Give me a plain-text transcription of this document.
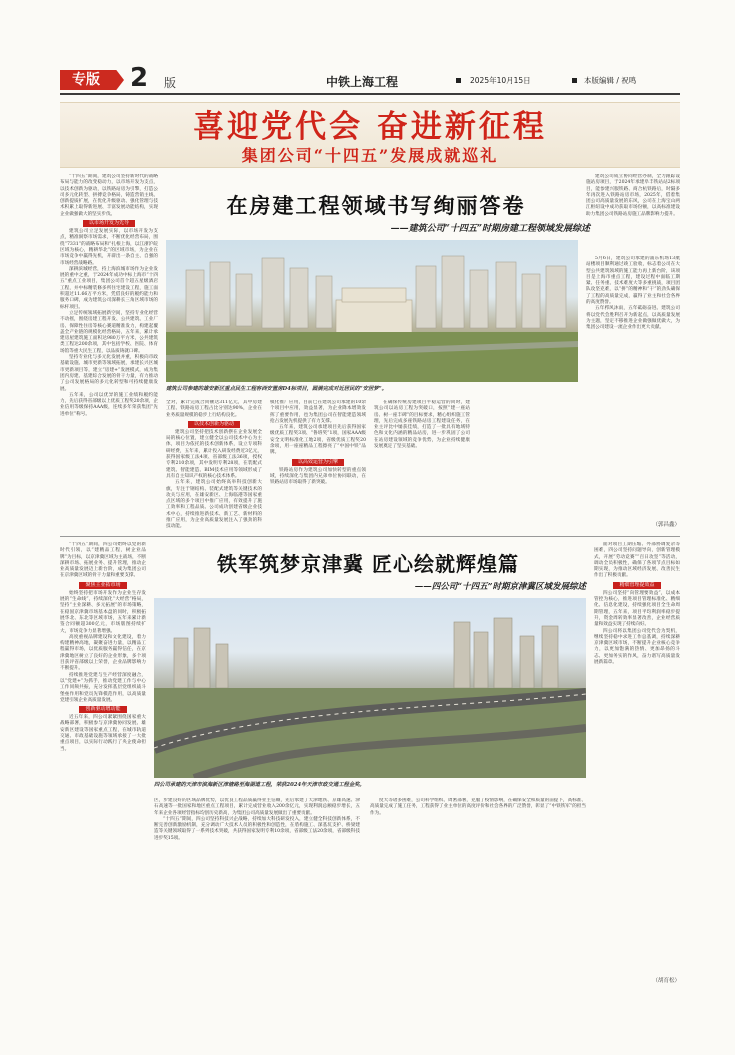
专版 2 版	中铁上海工程	2025年10月15日	本版编辑 / 祝鸣
喜迎党代会 奋进新征程
集团公司“十四五”发展成就巡礼

“十四五”期间，建筑公司坚持新时代的战略布局与能力的改变稳动力，以市场开发为支点，以技术创新为驱动，以铁路站房为引擎，打造公司多元化转型、拼搏竞争格局，铸造营销主线、创新提质扩展，在优化升级驱动、强化管理与技术积累上取得新进展、丰富发展动能结构，实现企业做强做大的坚实步伐。

以市场开发为先导

建筑公司立足发展实际，以市场开发为支点，精准洞察市场需求，不断优化经营布局，围绕“7331”的战略布局和“扎根上海，以江浙沪皖区域为核心，精耕华北”的区域市场，为企业在市场竞争中赢得先机，开辟出一条自主、自强的市场经营战略路。

深耕滨城经营，持上海滨城市场作为企业发展的重中之重，于2024年成功中标上海市“十四五”重点工业项目，集团公司首个超五星级酒店工程，并中标精装修多所住宅建设工程，施工面积超过11.66万平方米，凭借良好的履约能力和服务口碑，成为建筑公司深耕长三角区域市场的标杆项目。

立足传统领域拓展新空间，坚持专业化经营不动摇，围绕房建工程开发、公共建筑、工业厂房、保障性住房等核心赛道精准发力，构建起覆盖全产业链的规模化经营格局，五年来，累计承建房屋建筑施工面积达980万平方米，公共建筑类工程达200余项，其中包括学校、医院、体育场馆等重大民生工程，以品质铸就口碑。

坚持专业化与多元化发展并重，积极向市政基础设施、城市更新等领域拓展，承建长兴区城市更新项目等，建立“房建+”发展模式，成为集团内房建、基建综合发展的骨干力量，有力推动了公司发展格局的多元化转型和可持续健康发展。

五年来，公司以优异的施工业绩和履约能力，先后获得省部级以上优质工程奖20余项，企业信用等级保持AAA级，连续多年荣获集团“先进单位”称号。

在房建工程领域书写绚丽答卷
——建筑公司“十四五”时期房建工程领域发展综述
建筑公司参建的雄安新区重点民生工程容西安置房D4标项目，圆满完成对近居民的“安居梦”。

建筑公司成立协同经营办制，全力跟踪设施站房项目，于2024年承建阜丰铁站站2标项目，能参建兴服铁路、商合杭铁路后，时隔多年再次进入铁路站房市场，2025年，借着集团公司高质量发展的东风，公司在上海宝山两江枢纽设中成功获取市场份额，以高标准建设助力集团公司铁路站房施工品牌影响力提升。

全对，累计完成合同额达311亿元，其中房建工程、铁路站房工程占比分别达90%，企业在业务质量规模的稳步上行结构良化。

以技术创新为驱动

建筑公司坚持把技术创新摆在企业发展全局的核心位置，建立健全以公司技术中心为主体，项目为依托的技术创新体系，设立专项科研经费，五年来，累计投入研发经费近3亿元，获得国家级工法4项、省部级工法36项，授权专利210余项，其中发明专利28项，在装配式建筑、智能建造、BIM技术应用等领域形成了具有自主知识产权的核心技术体系。

五年来，建筑公司始终高举科技创新大旗，专注于钢结构、装配式建筑等关键技术的攻关与应用，在雄安新区、上海临港等国家重点区域的多个项目中推广应用，有效提升了施工效率和工程品质。公司成功创建省级企业技术中心，持续推进新技术、新工艺、新材料的推广应用，为企业高质量发展注入了强劲的科技动能。

模化推广应用，目前已在建筑公司承建的10余个项目中应用，效益显著，为企业降本增效发挥了重要作用，也为集团公司在智能建造领域抢占发展先机提供了有力支撑。

五年来，建筑公司承建项目先后获得国家级优质工程奖3项、“鲁班奖”1项，国家AAA级安全文明标准化工地2项，省级优质工程奖20余项，用一座座精品工程擦亮了“中国中铁”品牌。

以高效运营为引擎

铁路站房作为建筑公司加快转型的重点领域，持续深化与集团内兄弟单位协同联动，在铁路站房市场取得了新突破。

在确保传统房建项目平稳运营的同时，建筑公司以站房工程为突破口，按照“建一座站房、树一座丰碑”的目标要求，精心组织施工管理，先后完成多座铁路站房工程建设任务，在业主评比中屡获佳绩，打造了一批具有地域特色和文化内涵的精品站房，进一步巩固了公司在站房建设领域的竞争优势，为企业持续健康发展奠定了坚实基础。

5月6日，建筑公司承建的浦东机场T3航站楼项目顺利通过竣工验收，标志着公司在大型公共建筑领域的施工能力再上新台阶，该项目是上海市重点工程，建设过程中面临工期紧、任务重、技术难度大等多重挑战，项目团队攻坚克难，以“拼”的精神和“干”的劲头确保了工程的高质量完成，赢得了业主和社会各界的高度赞誉。

五年栉风沐雨，五年砥砺奋进。建筑公司将以党代会胜利召开为新起点，以高质量发展为主题，坚定不移推进企业做强做优做大，为集团公司建设一流企业作出更大贡献。

（郭昌鑫）

“十四五”期间，四公司始终以党的新时代引领，以“建精品工程，树企业品牌”为目标，以京津冀区域为主战场，不断深耕市场、拓展业务、提升管理，推动企业高质量发展迈上新台阶，成为集团公司在京津冀区域的骨干力量和重要支撑。

聚焦主业拓市场

始终坚持把市场开发作为企业生存发展的“生命线”，持续深化“大经营”格局，坚持“主业深耕、多元拓展”的市场策略，在稳固京津冀市场基本盘的同时，积极拓展华北、东北等区域市场，五年来累计新签合同额超300亿元，市场版图持续扩大，市场竞争力显著增强。

高度重视品牌建设和文化建设，着力构建精神高地，凝聚奋进力量，以精品工程赢得市场，以优质服务赢得信任，在京津冀地区树立了良好的企业形象，多个项目获评省部级以上荣誉，企业品牌影响力不断提升。

持续推进党建与生产经营深度融合，以“党建+”为抓手，推动党建工作与中心工作同频共振，充分发挥基层党组织战斗堡垒作用和党员先锋模范作用，以高质量党建引领企业高质量发展。

创新驱动增动能

近五年来，四公司紧紧围绕国家重大战略部署，积极参与京津冀协同发展、雄安新区建设等国家重点工程，在城市轨道交通、市政基础设施等领域承接了一大批重点项目，以实际行动践行了央企使命担当。

铁军筑梦京津冀 匠心绘就辉煌篇
——四公司“十四五”时期京津冀区域发展综述
四公司承建的天津市滨海新区津塘路至海湖道工程，荣获2024年天津市政交通工程金奖。

区，步建良好的区域品牌优势，以优良工程品质赢得业主信赖，先后承建了天津地铁、京雄高速、津石高速等一批国家和地区重点工程项目，累计完成营业收入200余亿元，实现利润总额稳步增长，五年来企业各项经营指标均创历史新高，为集团公司高质量发展做出了重要贡献。

“十四五”期间，四公司坚持科技兴企战略，持续加大科技研发投入，建立健全科技创新体系，不断完善创新激励机制，充分调动广大技术人员的积极性和创造性，在盾构施工、深基坑支护、桥梁建造等关键领域取得了一系列技术突破，共获得国家发明专利10余项，省部级工法20余项，省部级科技进步奖15项。

度大等诸多困难，公司科学组织、周密部署，克服了疫情影响，在确保安全和质量的前提下，高标准、高质量完成了施工任务，工程获得了业主单位的高度评价和社会各界的广泛赞誉，彰显了“中铁铁军”的担当作为。

面对项目工期压缩、外部协调复杂等困难，四公司坚持问题导向，创新管理模式，开展“劳动竞赛”“百日攻坚”等活动，调动全员积极性，确保了各项节点目标如期实现，为推动区域经济发展、改善民生作出了积极贡献。

精细管理提效益

四公司坚持“向管理要效益”，以成本管控为核心，推进项目管理标准化、精细化、信息化建设，持续强化项目全生命周期管理，五年来，项目平均利润率稳步提升，资金周转效率显著改善，企业经营质量和效益实现了持续向好。

四公司将以集团公司党代会为契机，继续坚持稳中求进工作总基调，持续深耕京津冀区域市场，不断提升企业核心竞争力，以更加饱满的热情、更加昂扬的斗志、更加务实的作风，奋力谱写高质量发展新篇章。

（胡育松）
